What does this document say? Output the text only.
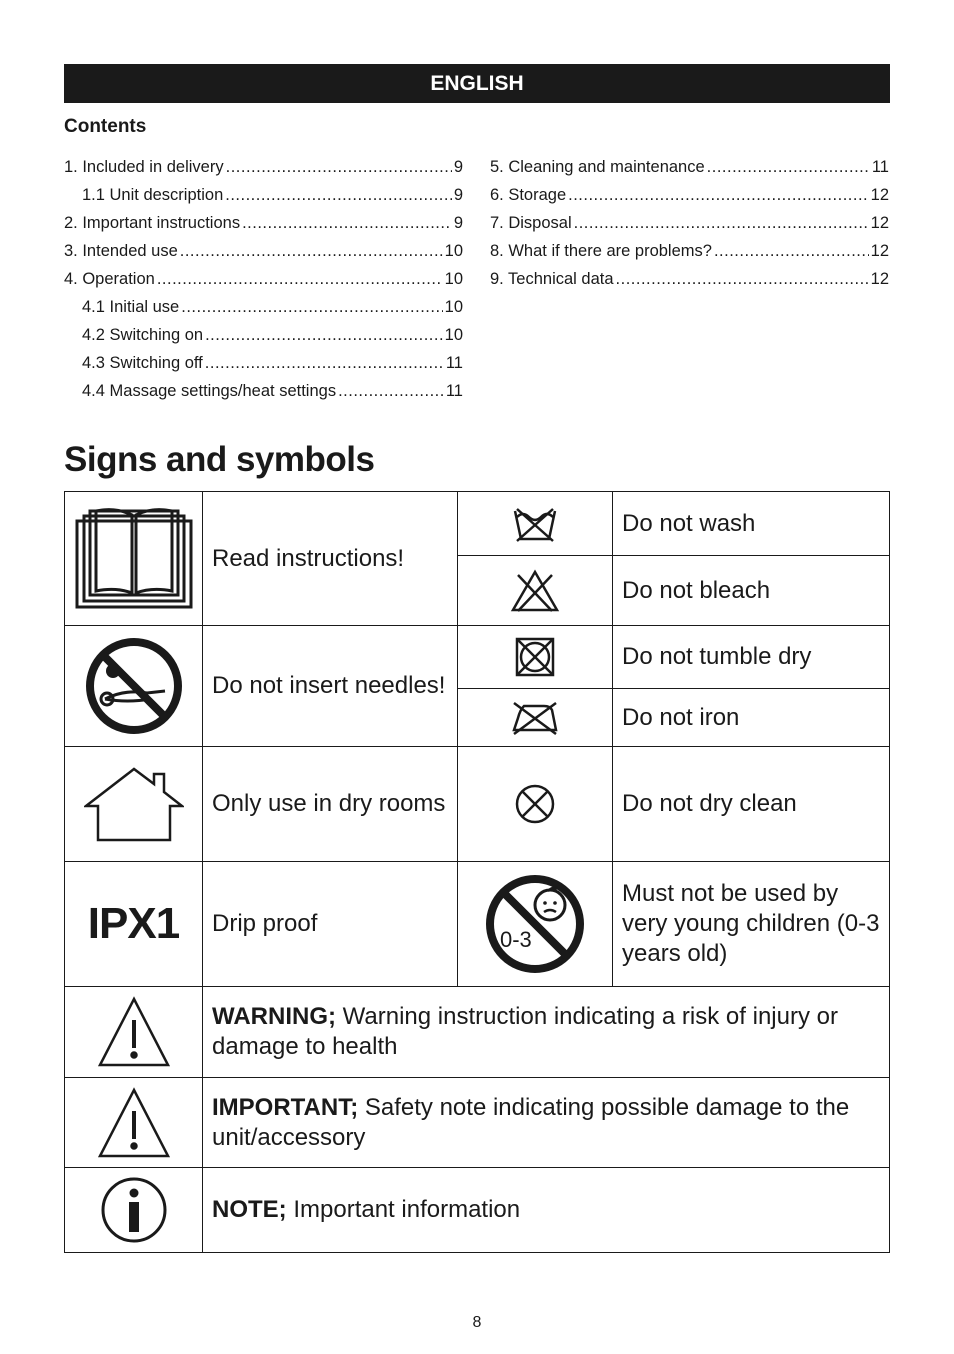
ENGLISH
Contents
1. Included in delivery .....	9
1.1 Unit description .....	9
2. Important instructions .....	9
3. Intended use .....	10
4. Operation .....	10
4.1 Initial use .....	10
4.2 Switching on .....	10
4.3 Switching off .....	11
4.4 Massage settings/heat settings .....	11
5. Cleaning and maintenance .....	11
6. Storage .....	12
7. Disposal .....	12
8. What if there are problems? .....	12
9. Technical data .....	12
Signs and symbols
	Read instructions!		Do not wash

	Do not bleach

	Do not insert needles!		Do not tumble dry

	Do not iron

	Only use in dry rooms		Do not dry clean
IPX1	Drip proof	0-3	Must not be used by very young children (0-3 years old)

	WARNING; Warning instruction indicating a risk of injury or damage to health		

	IMPORTANT; Safety note indicating possible damage to the unit/accessory		

	NOTE; Important information		
8
